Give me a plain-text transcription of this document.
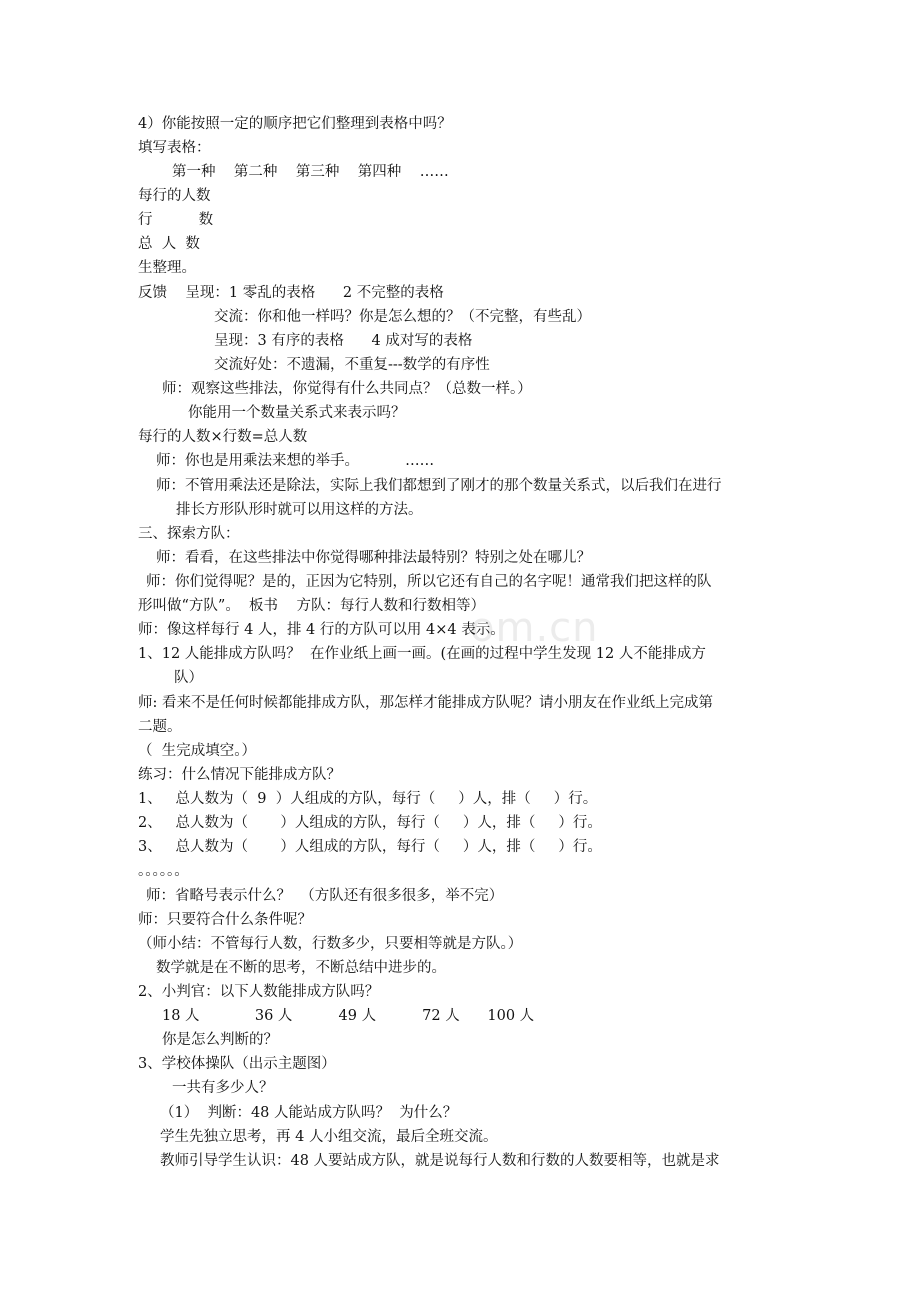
om.cn
4）你能按照一定的顺序把它们整理到表格中吗？
填写表格：
第一种    第二种    第三种    第四种    ……
每行的人数
行          数
总  人  数
生整理。
反馈    呈现：1 零乱的表格      2 不完整的表格
交流：你和他一样吗？你是怎么想的？（不完整，有些乱）
呈现：3 有序的表格      4 成对写的表格
交流好处：不遗漏，不重复---数学的有序性
师：观察这些排法，你觉得有什么共同点？（总数一样。）
你能用一个数量关系式来表示吗？
每行的人数×行数=总人数
师：你也是用乘法来想的举手。          ……
师：不管用乘法还是除法，实际上我们都想到了刚才的那个数量关系式，以后我们在进行
排长方形队形时就可以用这样的方法。
三、探索方队：
师：看看，在这些排法中你觉得哪种排法最特别？特别之处在哪儿？
师：你们觉得呢？是的，正因为它特别，所以它还有自己的名字呢！通常我们把这样的队
形叫做“方队”。  板书    方队：每行人数和行数相等）
师：像这样每行 4 人，排 4 行的方队可以用 4×4 表示。
1、12 人能排成方队吗？  在作业纸上画一画。(在画的过程中学生发现 12 人不能排成方
队）
师: 看来不是任何时候都能排成方队，那怎样才能排成方队呢？请小朋友在作业纸上完成第
二题。
（  生完成填空。）
练习：什么情况下能排成方队？
1、   总人数为（  9  ）人组成的方队，每行（     ）人，排（     ）行。
2、   总人数为（       ）人组成的方队，每行（     ）人，排（     ）行。
3、   总人数为（       ）人组成的方队，每行（     ）人，排（     ）行。
。。。。。。
师：省略号表示什么？  （方队还有很多很多，举不完）
师：只要符合什么条件呢？
（师小结：不管每行人数，行数多少，只要相等就是方队。）
数学就是在不断的思考，不断总结中进步的。
2、小判官：以下人数能排成方队吗？
18 人            36 人          49 人          72 人      100 人
你是怎么判断的？
3、学校体操队（出示主题图）
一共有多少人？
（1）  判断：48 人能站成方队吗？  为什么？
学生先独立思考，再 4 人小组交流，最后全班交流。
教师引导学生认识：48 人要站成方队，就是说每行人数和行数的人数要相等，也就是求
